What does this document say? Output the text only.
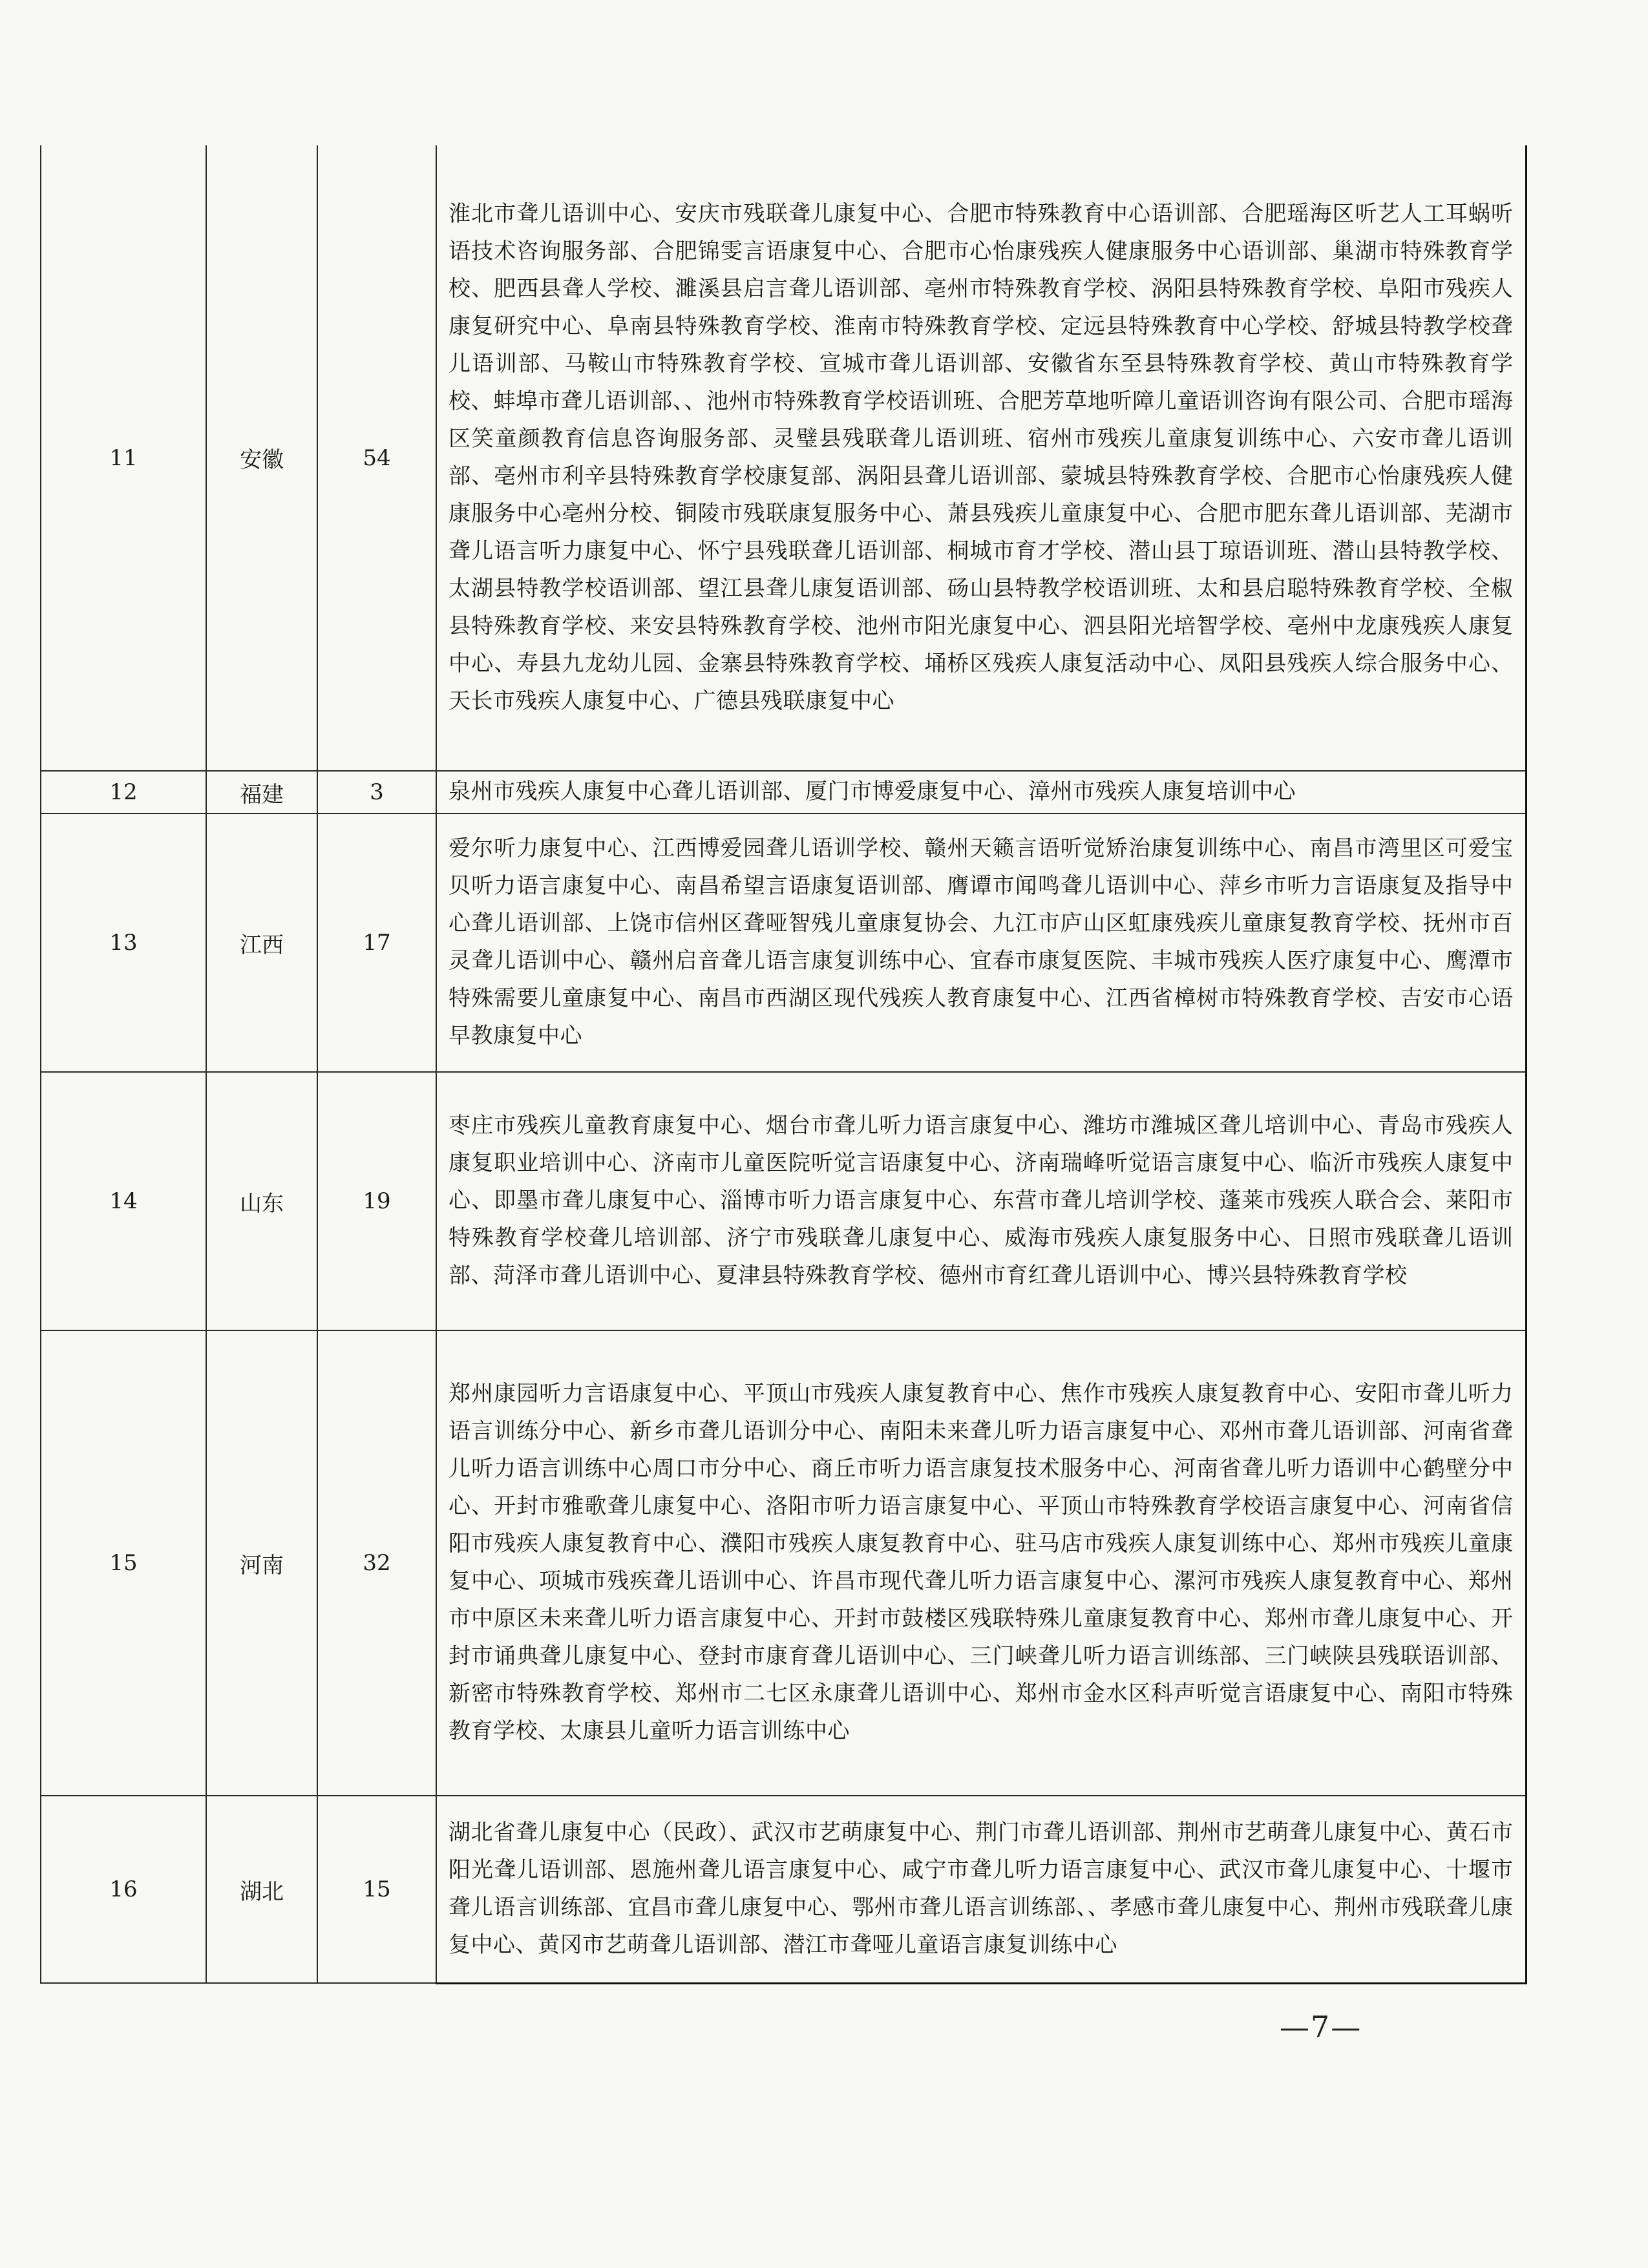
11	安徽	54	淮北市聋儿语训中心、安庆市残联聋儿康复中心、合肥市特殊教育中心语训部、合肥瑶海区听艺人工耳蜗听语技术咨询服务部、合肥锦雯言语康复中心、合肥市心怡康残疾人健康服务中心语训部、巢湖市特殊教育学校、肥西县聋人学校、濉溪县启言聋儿语训部、亳州市特殊教育学校、涡阳县特殊教育学校、阜阳市残疾人康复研究中心、阜南县特殊教育学校、淮南市特殊教育学校、定远县特殊教育中心学校、舒城县特教学校聋儿语训部、马鞍山市特殊教育学校、宣城市聋儿语训部、安徽省东至县特殊教育学校、黄山市特殊教育学校、蚌埠市聋儿语训部、、池州市特殊教育学校语训班、合肥芳草地听障儿童语训咨询有限公司、合肥市瑶海区笑童颜教育信息咨询服务部、灵璧县残联聋儿语训班、宿州市残疾儿童康复训练中心、六安市聋儿语训部、亳州市利辛县特殊教育学校康复部、涡阳县聋儿语训部、蒙城县特殊教育学校、合肥市心怡康残疾人健康服务中心亳州分校、铜陵市残联康复服务中心、萧县残疾儿童康复中心、合肥市肥东聋儿语训部、芜湖市聋儿语言听力康复中心、怀宁县残联聋儿语训部、桐城市育才学校、潜山县丁琼语训班、潜山县特教学校、太湖县特教学校语训部、望江县聋儿康复语训部、砀山县特教学校语训班、太和县启聪特殊教育学校、全椒县特殊教育学校、来安县特殊教育学校、池州市阳光康复中心、泗县阳光培智学校、亳州中龙康残疾人康复中心、寿县九龙幼儿园、金寨县特殊教育学校、埇桥区残疾人康复活动中心、凤阳县残疾人综合服务中心、天长市残疾人康复中心、广德县残联康复中心
12	福建	3	泉州市残疾人康复中心聋儿语训部、厦门市博爱康复中心、漳州市残疾人康复培训中心
13	江西	17	爱尔听力康复中心、江西博爱园聋儿语训学校、赣州天籁言语听觉矫治康复训练中心、南昌市湾里区可爱宝贝听力语言康复中心、南昌希望言语康复语训部、膺谭市闻鸣聋儿语训中心、萍乡市听力言语康复及指导中心聋儿语训部、上饶市信州区聋哑智残儿童康复协会、九江市庐山区虹康残疾儿童康复教育学校、抚州市百灵聋儿语训中心、赣州启音聋儿语言康复训练中心、宜春市康复医院、丰城市残疾人医疗康复中心、鹰潭市特殊需要儿童康复中心、南昌市西湖区现代残疾人教育康复中心、江西省樟树市特殊教育学校、吉安市心语早教康复中心
14	山东	19	枣庄市残疾儿童教育康复中心、烟台市聋儿听力语言康复中心、潍坊市潍城区聋儿培训中心、青岛市残疾人康复职业培训中心、济南市儿童医院听觉言语康复中心、济南瑞峰听觉语言康复中心、临沂市残疾人康复中心、即墨市聋儿康复中心、淄博市听力语言康复中心、东营市聋儿培训学校、蓬莱市残疾人联合会、莱阳市特殊教育学校聋儿培训部、济宁市残联聋儿康复中心、威海市残疾人康复服务中心、日照市残联聋儿语训部、菏泽市聋儿语训中心、夏津县特殊教育学校、德州市育红聋儿语训中心、博兴县特殊教育学校
15	河南	32	郑州康园听力言语康复中心、平顶山市残疾人康复教育中心、焦作市残疾人康复教育中心、安阳市聋儿听力语言训练分中心、新乡市聋儿语训分中心、南阳未来聋儿听力语言康复中心、邓州市聋儿语训部、河南省聋儿听力语言训练中心周口市分中心、商丘市听力语言康复技术服务中心、河南省聋儿听力语训中心鹤壁分中心、开封市雅歌聋儿康复中心、洛阳市听力语言康复中心、平顶山市特殊教育学校语言康复中心、河南省信阳市残疾人康复教育中心、濮阳市残疾人康复教育中心、驻马店市残疾人康复训练中心、郑州市残疾儿童康复中心、项城市残疾聋儿语训中心、许昌市现代聋儿听力语言康复中心、漯河市残疾人康复教育中心、郑州市中原区未来聋儿听力语言康复中心、开封市鼓楼区残联特殊儿童康复教育中心、郑州市聋儿康复中心、开封市诵典聋儿康复中心、登封市康育聋儿语训中心、三门峡聋儿听力语言训练部、三门峡陕县残联语训部、新密市特殊教育学校、郑州市二七区永康聋儿语训中心、郑州市金水区科声听觉言语康复中心、南阳市特殊教育学校、太康县儿童听力语言训练中心
16	湖北	15	湖北省聋儿康复中心（民政）、武汉市艺萌康复中心、荆门市聋儿语训部、荆州市艺萌聋儿康复中心、黄石市阳光聋儿语训部、恩施州聋儿语言康复中心、咸宁市聋儿听力语言康复中心、武汉市聋儿康复中心、十堰市聋儿语言训练部、宜昌市聋儿康复中心、鄂州市聋儿语言训练部、、孝感市聋儿康复中心、荆州市残联聋儿康复中心、黄冈市艺萌聋儿语训部、潜江市聋哑儿童语言康复训练中心
—7—
